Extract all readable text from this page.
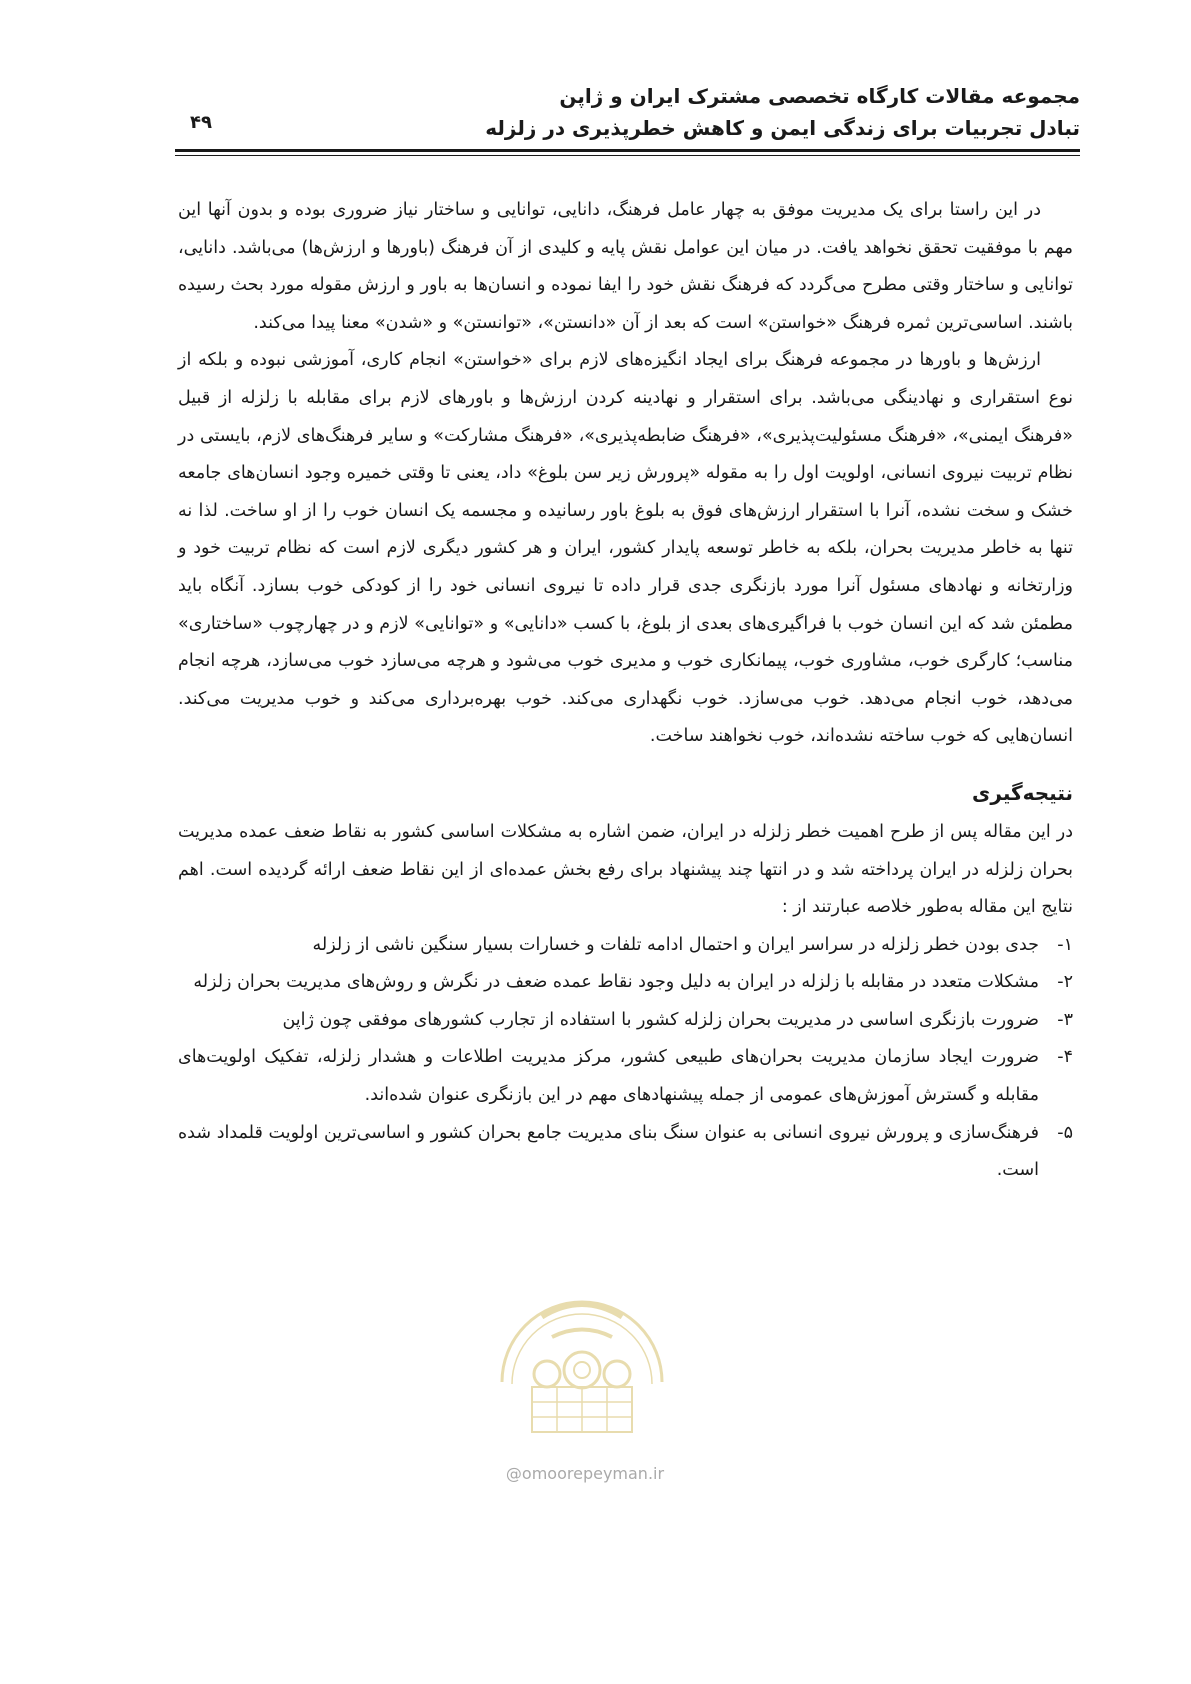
مجموعه مقالات کارگاه تخصصی مشترک ایران و ژاپن
تبادل تجربیات برای زندگی ایمن و کاهش خطرپذیری در زلزله
۴۹

در این راستا برای یک مدیریت موفق به چهار عامل فرهنگ، دانایی، توانایی و ساختار نیاز ضروری بوده و بدون آنها این مهم با موفقیت تحقق نخواهد یافت. در میان این عوامل نقش پایه و کلیدی از آن فرهنگ (باورها و ارزش‌ها) می‌باشد. دانایی، توانایی و ساختار وقتی مطرح می‌گردد که فرهنگ نقش خود را ایفا نموده و انسان‌ها به باور و ارزش مقوله مورد بحث رسیده باشند. اساسی‌ترین ثمره فرهنگ «خواستن» است که بعد از آن «دانستن»، «توانستن» و «شدن» معنا پیدا می‌کند.

ارزش‌ها و باورها در مجموعه فرهنگ برای ایجاد انگیزه‌های لازم برای «خواستن» انجام کاری، آموزشی نبوده و بلکه از نوع استقراری و نهادینگی می‌باشد. برای استقرار و نهادینه کردن ارزش‌ها و باورهای لازم برای مقابله با زلزله از قبیل «فرهنگ ایمنی»، «فرهنگ مسئولیت‌پذیری»، «فرهنگ ضابطه‌پذیری»، «فرهنگ مشارکت» و سایر فرهنگ‌های لازم، بایستی در نظام تربیت نیروی انسانی، اولویت اول را به مقوله «پرورش زیر سن بلوغ» داد، یعنی تا وقتی خمیره وجود انسان‌های جامعه خشک و سخت نشده، آنرا با استقرار ارزش‌های فوق به بلوغ باور رسانیده و مجسمه یک انسان خوب را از او ساخت. لذا نه تنها به خاطر مدیریت بحران، بلکه به خاطر توسعه پایدار کشور، ایران و هر کشور دیگری لازم است که نظام تربیت خود و وزارتخانه و نهادهای مسئول آنرا مورد بازنگری جدی قرار داده تا نیروی انسانی خود را از کودکی خوب بسازد. آنگاه باید مطمئن شد که این انسان خوب با فراگیری‌های بعدی از بلوغ، با کسب «دانایی» و «توانایی» لازم و در چهارچوب «ساختاری» مناسب؛ کارگری خوب، مشاوری خوب، پیمانکاری خوب و مدیری خوب می‌شود و هرچه می‌سازد خوب می‌سازد، هرچه انجام می‌دهد، خوب انجام می‌دهد. خوب می‌سازد. خوب نگهداری می‌کند. خوب بهره‌برداری می‌کند و خوب مدیریت می‌کند. انسان‌هایی که خوب ساخته نشده‌اند، خوب نخواهند ساخت.

نتیجه‌گیری

در این مقاله پس از طرح اهمیت خطر زلزله در ایران، ضمن اشاره به مشکلات اساسی کشور به نقاط ضعف عمده مدیریت بحران زلزله در ایران پرداخته شد و در انتها چند پیشنهاد برای رفع بخش عمده‌ای از این نقاط ضعف ارائه گردیده است. اهم نتایج این مقاله به‌طور خلاصه عبارتند از :

۱-
جدی بودن خطر زلزله در سراسر ایران و احتمال ادامه تلفات و خسارات بسیار سنگین ناشی از زلزله
۲-
مشکلات متعدد در مقابله با زلزله در ایران به دلیل وجود نقاط عمده ضعف در نگرش و روش‌های مدیریت بحران زلزله
۳-
ضرورت بازنگری اساسی در مدیریت بحران زلزله کشور با استفاده از تجارب کشورهای موفقی چون ژاپن
۴-
ضرورت ایجاد سازمان مدیریت بحران‌های طبیعی کشور، مرکز مدیریت اطلاعات و هشدار زلزله، تفکیک اولویت‌های مقابله و گسترش آموزش‌های عمومی از جمله پیشنهادهای مهم در این بازنگری عنوان شده‌اند.
۵-
فرهنگ‌سازی و پرورش نیروی انسانی به عنوان سنگ بنای مدیریت جامع بحران کشور و اساسی‌ترین اولویت قلمداد شده است.
@omoorepeyman.ir
